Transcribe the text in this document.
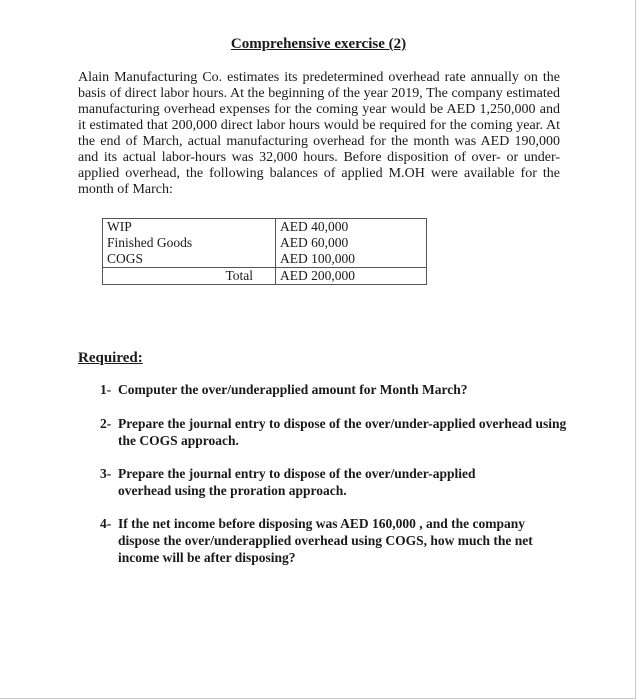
Comprehensive exercise (2)

Alain Manufacturing Co. estimates its predetermined overhead rate annually on the basis of direct labor hours. At the beginning of the year 2019, The company estimated manufacturing overhead expenses for the coming year would be AED 1,250,000 and it estimated that 200,000 direct labor hours would be required for the coming year. At the end of March, actual manufacturing overhead for the month was AED 190,000 and its actual labor-hours was 32,000 hours. Before disposition of over- or under-applied overhead, the following balances of applied M.OH were available for the month of March:

WIP	AED 40,000
Finished Goods	AED 60,000
COGS	AED 100,000
Total	AED 200,000
Required:
1- Computer the over/underapplied amount for Month March?
2- Prepare the journal entry to dispose of the over/under-applied overhead using the COGS approach.
3- Prepare the journal entry to dispose of the over/under-applied overhead using the proration approach.
4- If the net income before disposing was AED 160,000 , and the company dispose the over/underapplied overhead using COGS, how much the net income will be after disposing?
